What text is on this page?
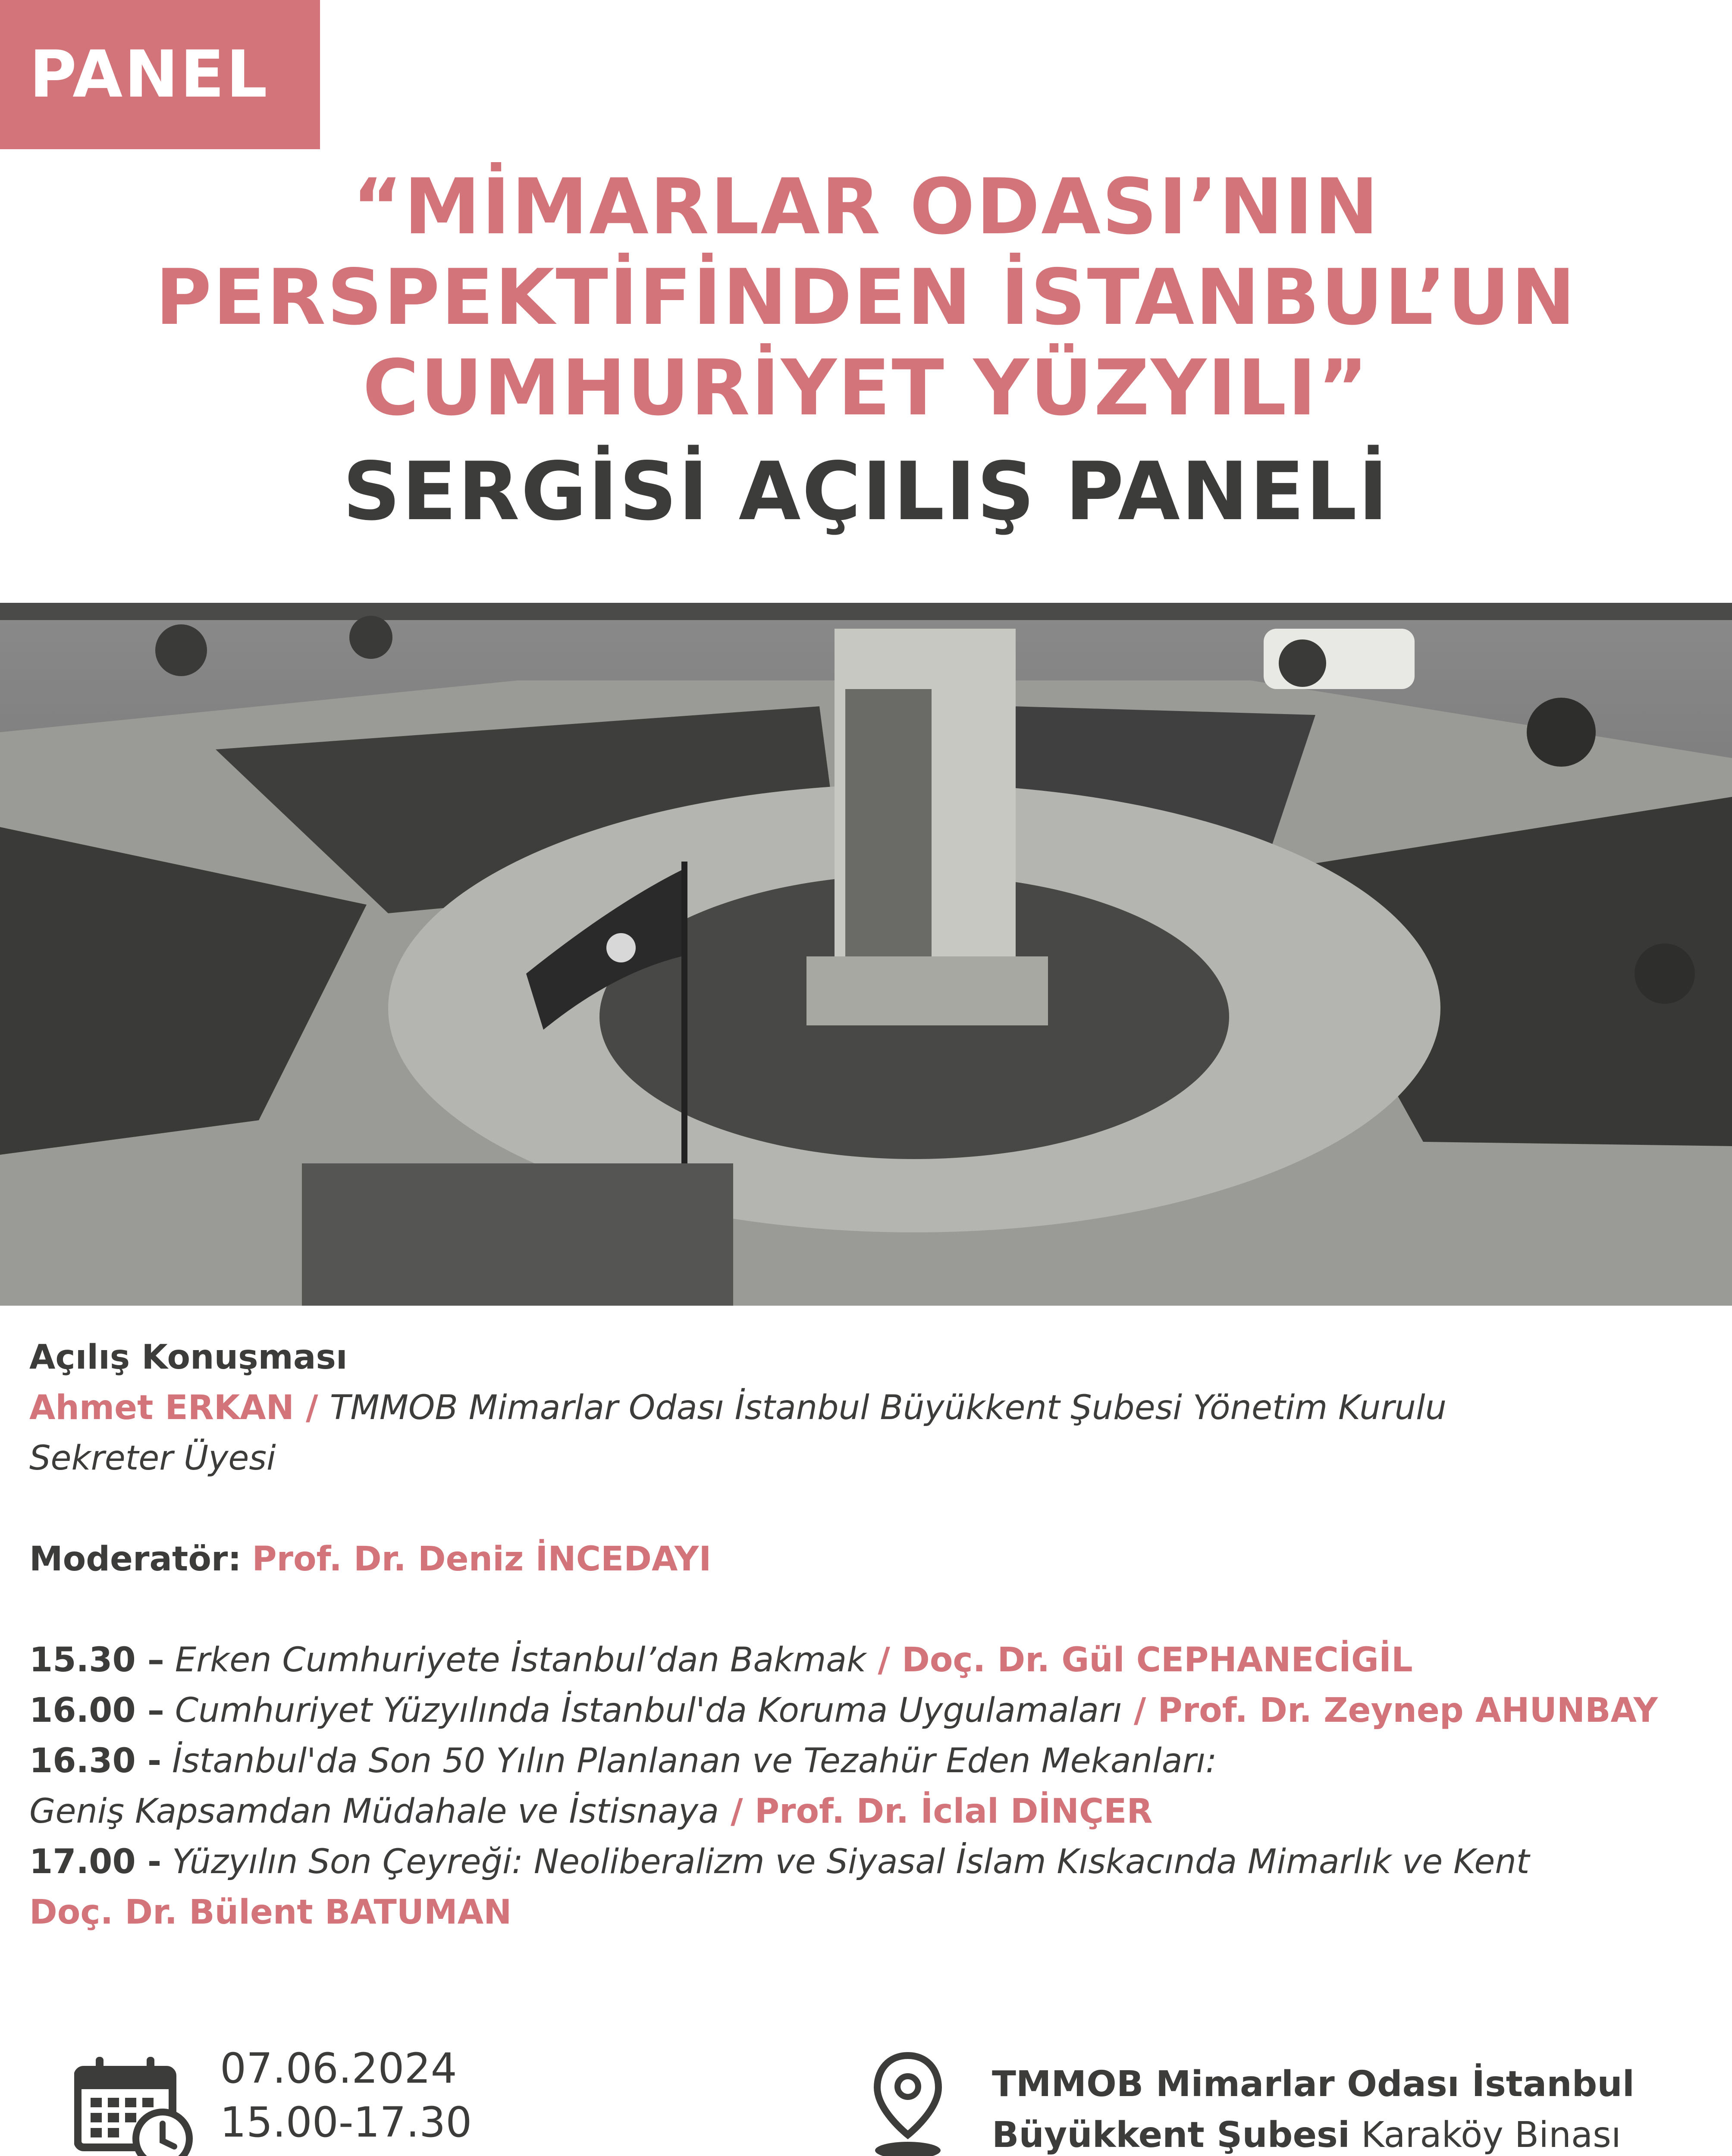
PANEL
“MİMARLAR ODASI’NIN
PERSPEKTİFİNDEN İSTANBUL’UN
CUMHURİYET YÜZYILI”
SERGİSİ AÇILIŞ PANELİ
Açılış Konuşması
Ahmet ERKAN / TMMOB Mimarlar Odası İstanbul Büyükkent Şubesi Yönetim Kurulu
Sekreter Üyesi
Moderatör: Prof. Dr. Deniz İNCEDAYI
15.30 – Erken Cumhuriyete İstanbul’dan Bakmak / Doç. Dr. Gül CEPHANECİGİL
16.00 – Cumhuriyet Yüzyılında İstanbul'da Koruma Uygulamaları / Prof. Dr. Zeynep AHUNBAY
16.30 - İstanbul'da Son 50 Yılın Planlanan ve Tezahür Eden Mekanları:
Geniş Kapsamdan Müdahale ve İstisnaya / Prof. Dr. İclal DİNÇER
17.00 - Yüzyılın Son Çeyreği: Neoliberalizm ve Siyasal İslam Kıskacında Mimarlık ve Kent
Doç. Dr. Bülent BATUMAN
07.06.2024
15.00-17.30
TMMOB Mimarlar Odası İstanbul
Büyükkent Şubesi Karaköy Binası
